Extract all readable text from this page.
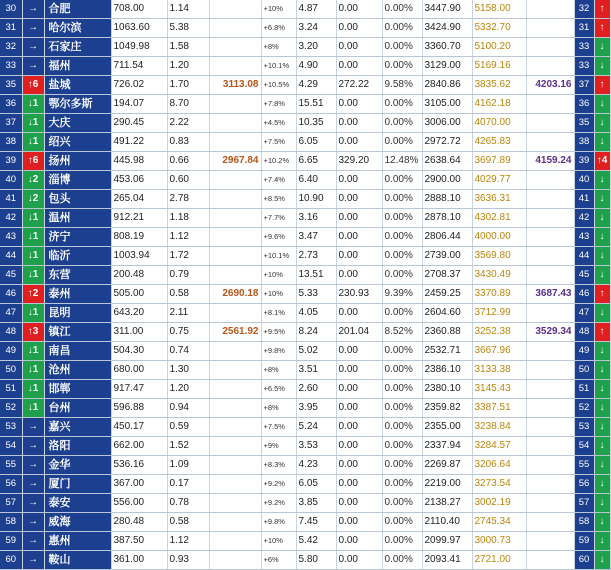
30	→	合肥	708.00	1.14		+10%	4.87	0.00	0.00%	3447.90	5158.00		32	↑
31	→	哈尔滨	1063.60	5.38		+6.8%	3.24	0.00	0.00%	3424.90	5332.70		31	↑
32	→	石家庄	1049.98	1.58		+8%	3.20	0.00	0.00%	3360.70	5100.20		33	↓
33	→	福州	711.54	1.20		+10.1%	4.90	0.00	0.00%	3129.00	5169.16		33	↓
35	↑6	盐城	726.02	1.70	3113.08	+10.5%	4.29	272.22	9.58%	2840.86	3835.62	4203.16	37	↑
36	↓1	鄂尔多斯	194.07	8.70		+7.8%	15.51	0.00	0.00%	3105.00	4162.18		36	↓
37	↓1	大庆	290.45	2.22		+4.5%	10.35	0.00	0.00%	3006.00	4070.00		35	↓
38	↓1	绍兴	491.22	0.83		+7.5%	6.05	0.00	0.00%	2972.72	4265.83		38	↓
39	↑6	扬州	445.98	0.66	2967.84	+10.2%	6.65	329.20	12.48%	2638.64	3697.89	4159.24	39	↑4
40	↓2	淄博	453.06	0.60		+7.4%	6.40	0.00	0.00%	2900.00	4029.77		40	↓
41	↓2	包头	265.04	2.78		+8.5%	10.90	0.00	0.00%	2888.10	3636.31		41	↓
42	↓1	温州	912.21	1.18		+7.7%	3.16	0.00	0.00%	2878.10	4302.81		42	↓
43	↓1	济宁	808.19	1.12		+9.6%	3.47	0.00	0.00%	2806.44	4000.00		43	↓
44	↓1	临沂	1003.94	1.72		+10.1%	2.73	0.00	0.00%	2739.00	3569.80		44	↓
45	↓1	东营	200.48	0.79		+10%	13.51	0.00	0.00%	2708.37	3430.49		45	↓
46	↑2	泰州	505.00	0.58	2690.18	+10%	5.33	230.93	9.39%	2459.25	3370.89	3687.43	46	↑
47	↓1	昆明	643.20	2.11		+8.1%	4.05	0.00	0.00%	2604.60	3712.99		47	↓
48	↑3	镇江	311.00	0.75	2561.92	+9.5%	8.24	201.04	8.52%	2360.88	3252.38	3529.34	48	↑
49	↓1	南昌	504.30	0.74		+9.8%	5.02	0.00	0.00%	2532.71	3667.96		49	↓
50	↓1	沧州	680.00	1.30		+8%	3.51	0.00	0.00%	2386.10	3133.38		50	↓
51	↓1	邯郸	917.47	1.20		+6.5%	2.60	0.00	0.00%	2380.10	3145.43		51	↓
52	↓1	台州	596.88	0.94		+8%	3.95	0.00	0.00%	2359.82	3387.51		52	↓
53	→	嘉兴	450.17	0.59		+7.5%	5.24	0.00	0.00%	2355.00	3238.84		53	↓
54	→	洛阳	662.00	1.52		+9%	3.53	0.00	0.00%	2337.94	3284.57		54	↓
55	→	金华	536.16	1.09		+8.3%	4.23	0.00	0.00%	2269.87	3206.64		55	↓
56	→	厦门	367.00	0.17		+9.2%	6.05	0.00	0.00%	2219.00	3273.54		56	↓
57	→	泰安	556.00	0.78		+9.2%	3.85	0.00	0.00%	2138.27	3002.19		57	↓
58	→	威海	280.48	0.58		+9.8%	7.45	0.00	0.00%	2110.40	2745.34		58	↓
59	→	惠州	387.50	1.12		+10%	5.42	0.00	0.00%	2099.97	3000.73		59	↓
60	→	鞍山	361.00	0.93		+6%	5.80	0.00	0.00%	2093.41	2721.00		60	↓
